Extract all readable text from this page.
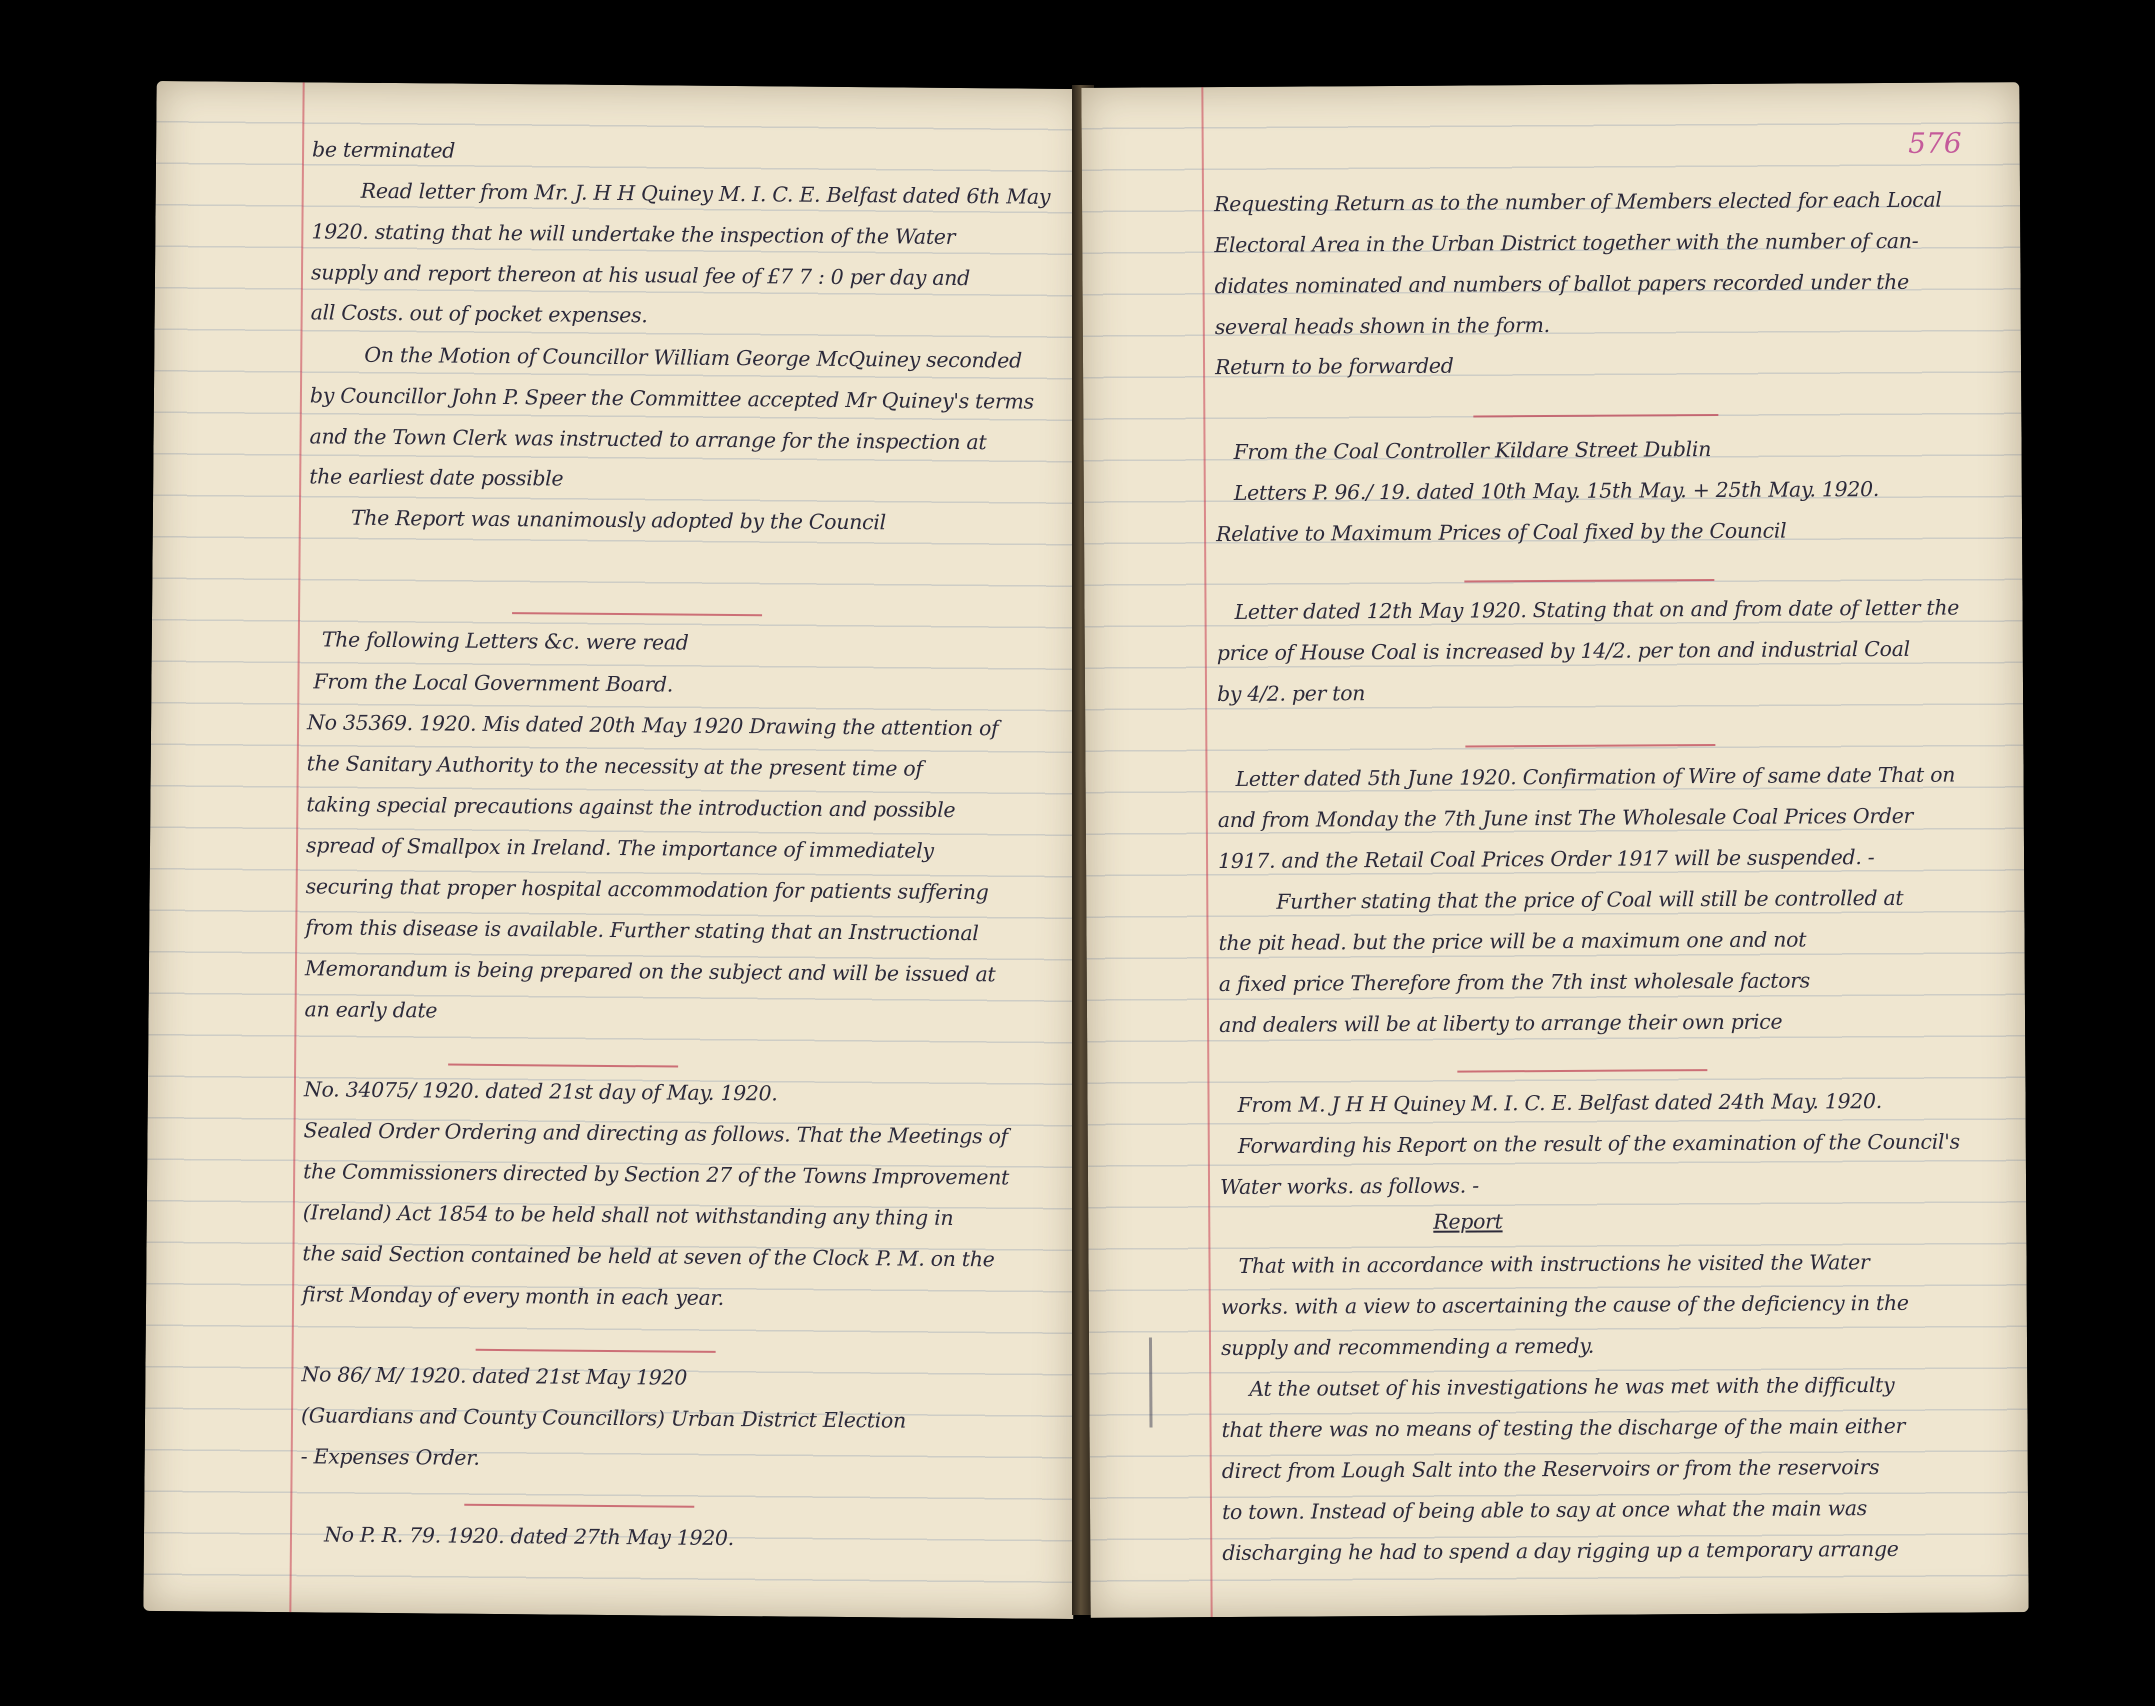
be terminated
Read letter from Mr. J. H H Quiney M. I. C. E. Belfast dated 6th May
1920. stating that he will undertake the inspection of the Water
supply and report thereon at his usual fee of £7 7 : 0 per day and
all Costs. out of pocket expenses.
On the Motion of Councillor William George McQuiney seconded
by Councillor John P. Speer the Committee accepted Mr Quiney's terms
and the Town Clerk was instructed to arrange for the inspection at
the earliest date possible
The Report was unanimously adopted by the Council
The following Letters &c. were read
From the Local Government Board.
No 35369. 1920. Mis dated 20th May 1920 Drawing the attention of
the Sanitary Authority to the necessity at the present time of
taking special precautions against the introduction and possible
spread of Smallpox in Ireland. The importance of immediately
securing that proper hospital accommodation for patients suffering
from this disease is available. Further stating that an Instructional
Memorandum is being prepared on the subject and will be issued at
an early date
No. 34075/ 1920. dated 21st day of May. 1920.
Sealed Order Ordering and directing as follows. That the Meetings of
the Commissioners directed by Section 27 of the Towns Improvement
(Ireland) Act 1854 to be held shall not withstanding any thing in
the said Section contained be held at seven of the Clock P. M. on the
first Monday of every month in each year.
No 86/ M/ 1920. dated 21st May 1920
(Guardians and County Councillors) Urban District Election
- Expenses Order.
No P. R. 79. 1920. dated 27th May 1920.
576
Requesting Return as to the number of Members elected for each Local
Electoral Area in the Urban District together with the number of can-
didates nominated and numbers of ballot papers recorded under the
several heads shown in the form.
Return to be forwarded
From the Coal Controller Kildare Street Dublin
Letters P. 96./ 19. dated 10th May. 15th May. + 25th May. 1920.
Relative to Maximum Prices of Coal fixed by the Council
Letter dated 12th May 1920. Stating that on and from date of letter the
price of House Coal is increased by 14/2. per ton and industrial Coal
by 4/2. per ton
Letter dated 5th June 1920. Confirmation of Wire of same date That on
and from Monday the 7th June inst The Wholesale Coal Prices Order
1917. and the Retail Coal Prices Order 1917 will be suspended. -
Further stating that the price of Coal will still be controlled at
the pit head. but the price will be a maximum one and not
a fixed price Therefore from the 7th inst wholesale factors
and dealers will be at liberty to arrange their own price
From M. J H H Quiney M. I. C. E. Belfast dated 24th May. 1920.
Forwarding his Report on the result of the examination of the Council's
Water works. as follows. -
Report
That with in accordance with instructions he visited the Water
works. with a view to ascertaining the cause of the deficiency in the
supply and recommending a remedy.
At the outset of his investigations he was met with the difficulty
that there was no means of testing the discharge of the main either
direct from Lough Salt into the Reservoirs or from the reservoirs
to town. Instead of being able to say at once what the main was
discharging he had to spend a day rigging up a temporary arrange
